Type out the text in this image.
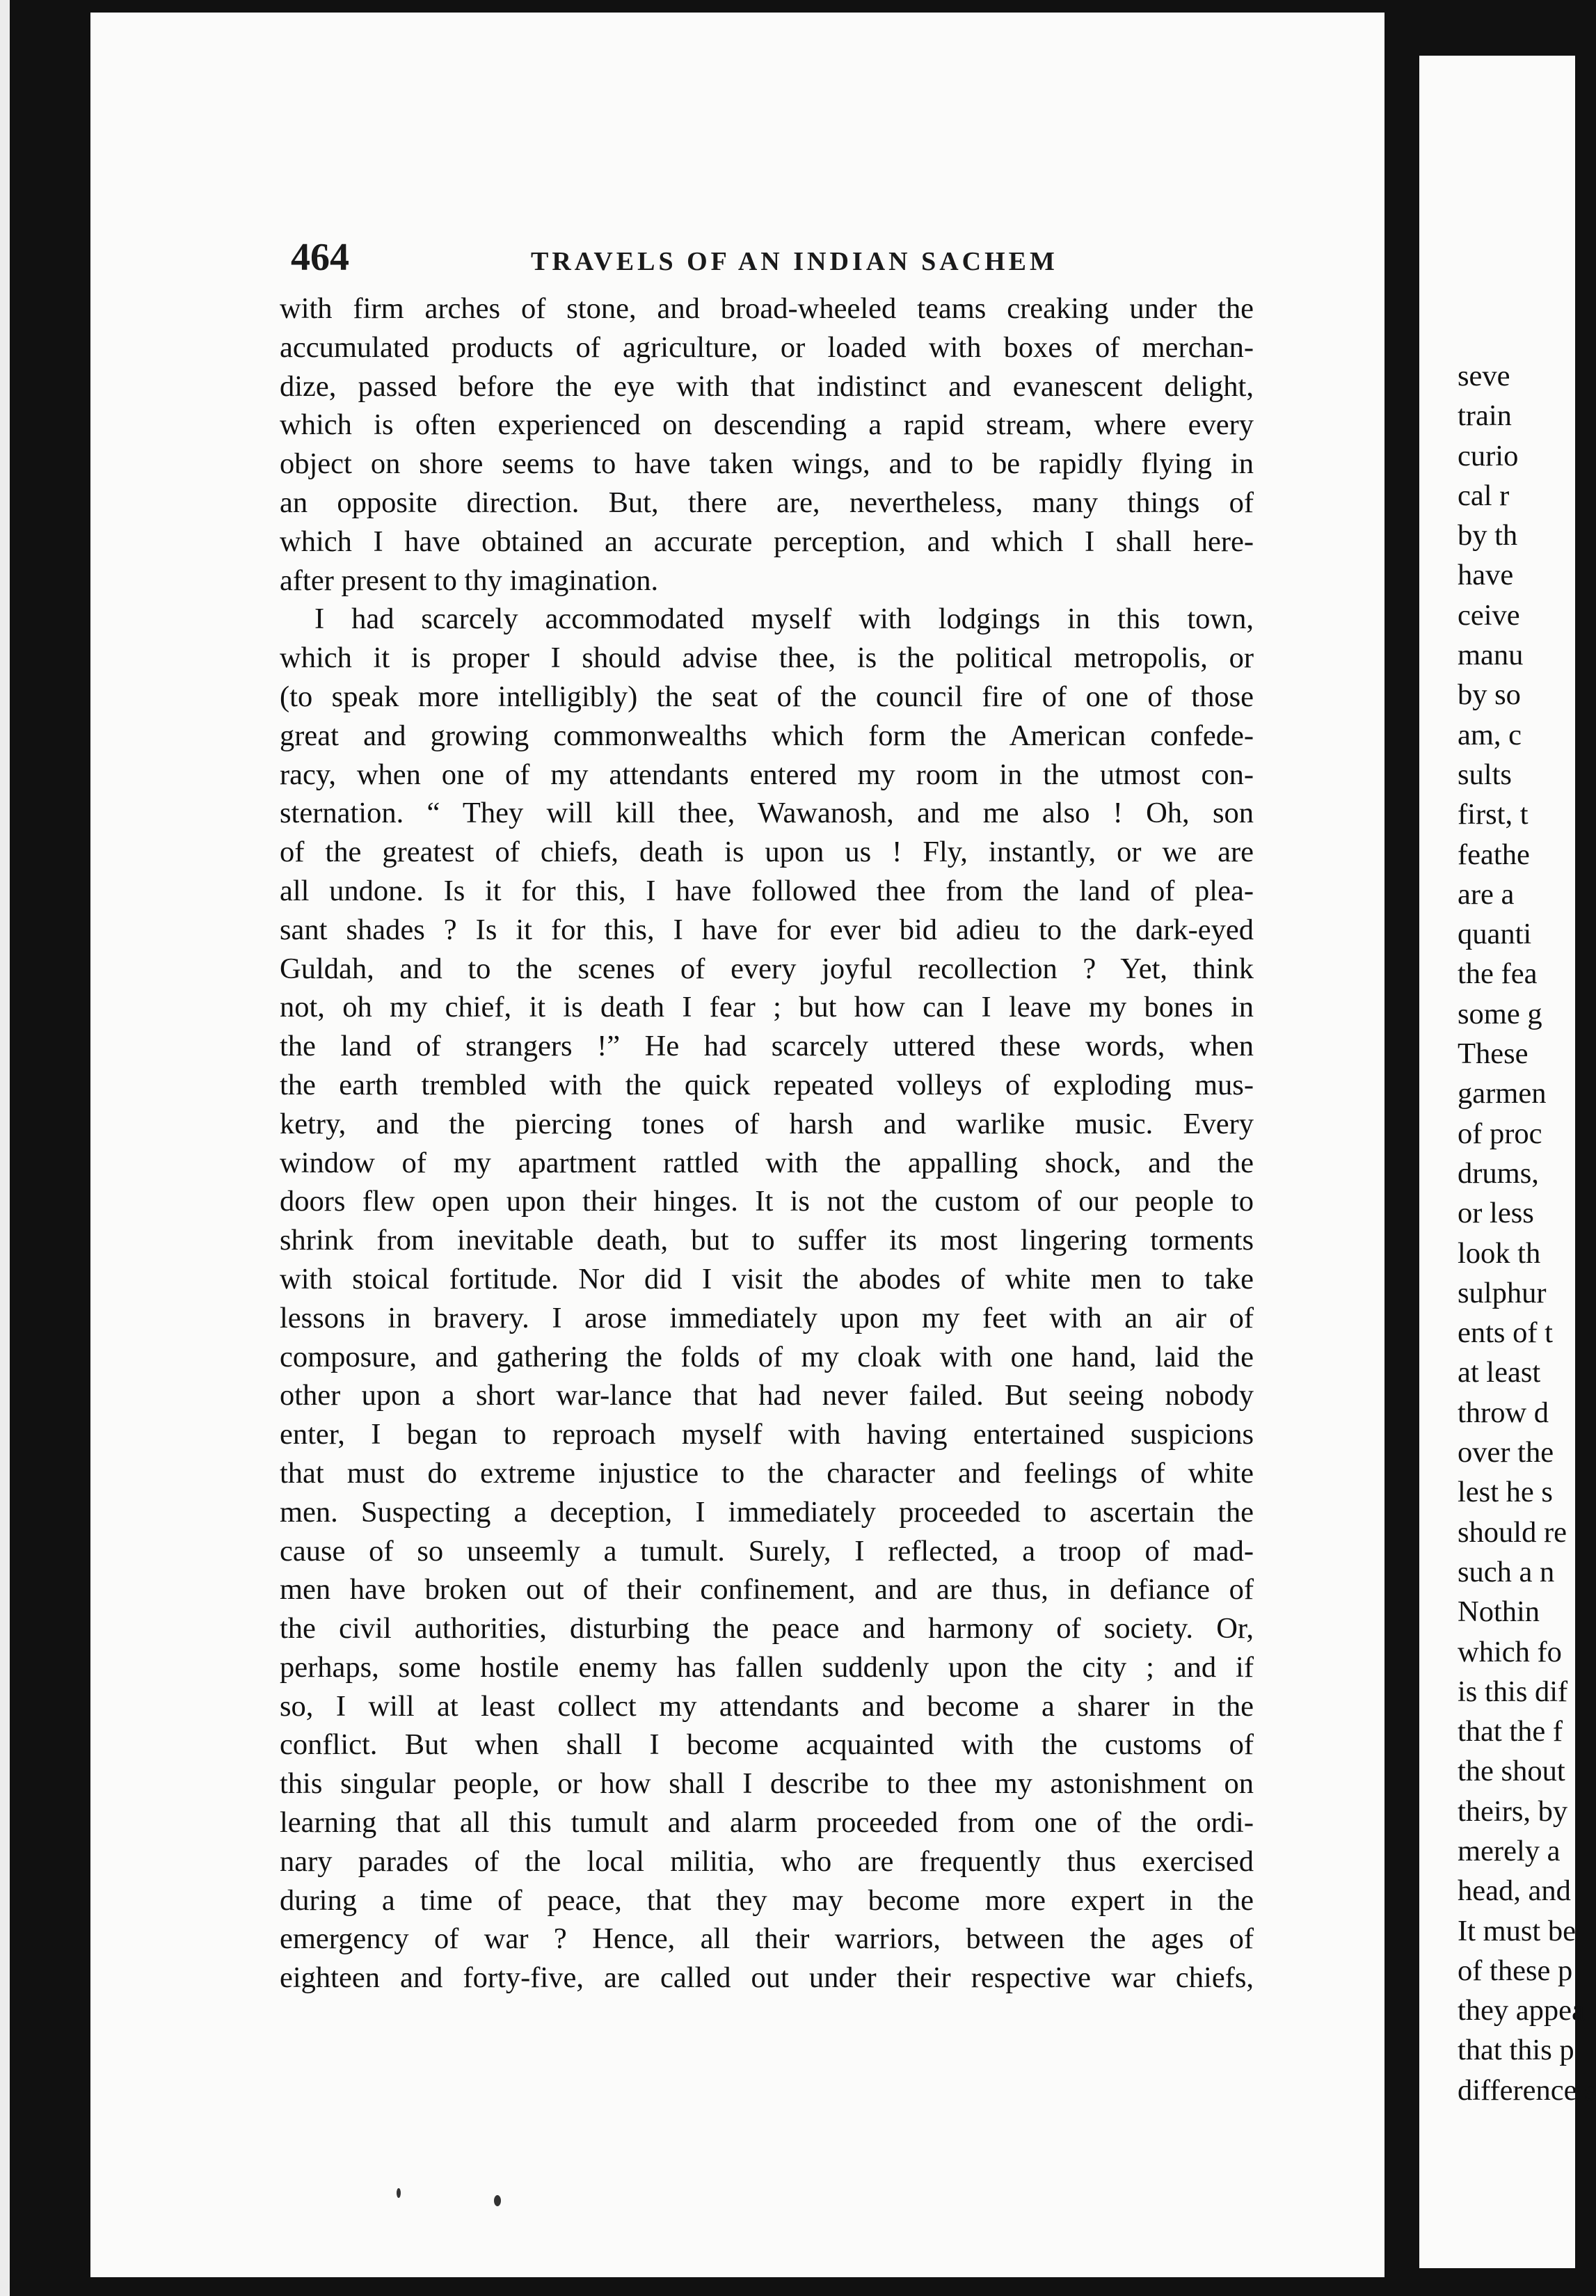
464	TRAVELS OF AN INDIAN SACHEM
with firm arches of stone, and broad-wheeled teams creaking under the
accumulated products of agriculture, or loaded with boxes of merchan-
dize, passed before the eye with that indistinct and evanescent delight,
which is often experienced on descending a rapid stream, where every
object on shore seems to have taken wings, and to be rapidly flying in
an opposite direction. But, there are, nevertheless, many things of
which I have obtained an accurate perception, and which I shall here-
after present to thy imagination.
I had scarcely accommodated myself with lodgings in this town,
which it is proper I should advise thee, is the political metropolis, or
(to speak more intelligibly) the seat of the council fire of one of those
great and growing commonwealths which form the American confede-
racy, when one of my attendants entered my room in the utmost con-
sternation. “ They will kill thee, Wawanosh, and me also ! Oh, son
of the greatest of chiefs, death is upon us ! Fly, instantly, or we are
all undone. Is it for this, I have followed thee from the land of plea-
sant shades ? Is it for this, I have for ever bid adieu to the dark-eyed
Guldah, and to the scenes of every joyful recollection ? Yet, think
not, oh my chief, it is death I fear ; but how can I leave my bones in
the land of strangers !” He had scarcely uttered these words, when
the earth trembled with the quick repeated volleys of exploding mus-
ketry, and the piercing tones of harsh and warlike music. Every
window of my apartment rattled with the appalling shock, and the
doors flew open upon their hinges. It is not the custom of our people to
shrink from inevitable death, but to suffer its most lingering torments
with stoical fortitude. Nor did I visit the abodes of white men to take
lessons in bravery. I arose immediately upon my feet with an air of
composure, and gathering the folds of my cloak with one hand, laid the
other upon a short war-lance that had never failed. But seeing nobody
enter, I began to reproach myself with having entertained suspicions
that must do extreme injustice to the character and feelings of white
men. Suspecting a deception, I immediately proceeded to ascertain the
cause of so unseemly a tumult. Surely, I reflected, a troop of mad-
men have broken out of their confinement, and are thus, in defiance of
the civil authorities, disturbing the peace and harmony of society. Or,
perhaps, some hostile enemy has fallen suddenly upon the city ; and if
so, I will at least collect my attendants and become a sharer in the
conflict. But when shall I become acquainted with the customs of
this singular people, or how shall I describe to thee my astonishment on
learning that all this tumult and alarm proceeded from one of the ordi-
nary parades of the local militia, who are frequently thus exercised
during a time of peace, that they may become more expert in the
emergency of war ? Hence, all their warriors, between the ages of
eighteen and forty-five, are called out under their respective war chiefs,
seve
train
curio
cal r
by th
have
ceive
manu
by so
am, c
sults
first, t
feathe
are a
quanti
the fea
some g
These
garmen
of proc
drums,
or less
look th
sulphur
ents of t
at least
throw d
over the
lest he s
should re
such a n
Nothin
which fo
is this dif
that the f
the shout
theirs, by
merely a
head, and
It must be
of these p
they appea
that this p
difference s
